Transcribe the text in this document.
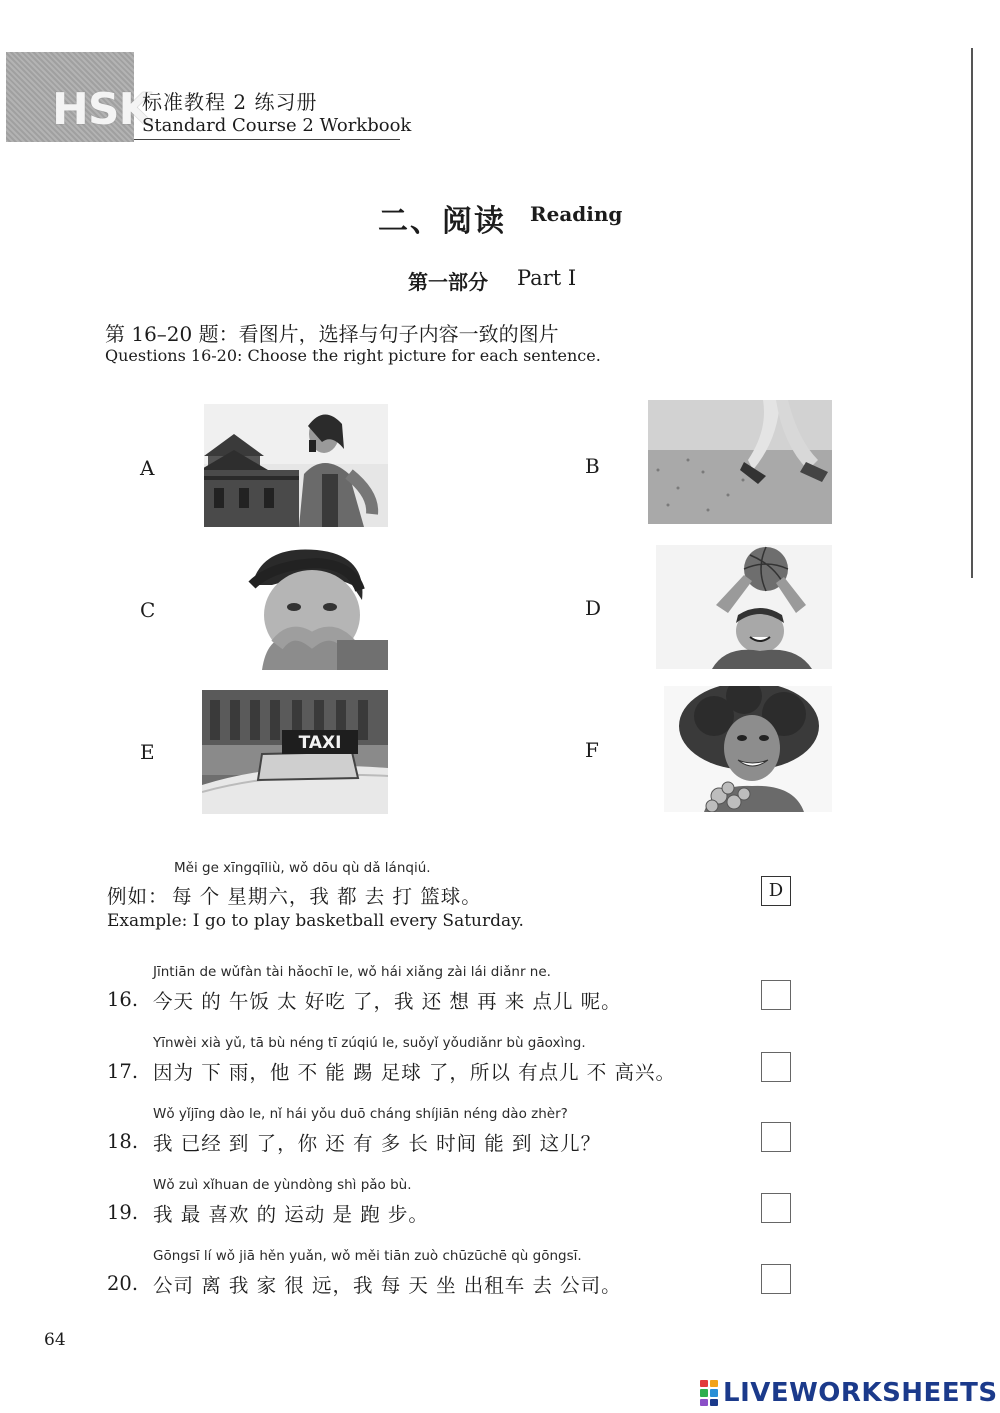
HSK
标准教程 2 练习册
Standard Course 2 Workbook
二、阅读 Reading
第一部分 Part Ⅰ
第 16–20 题：看图片，选择与句子内容一致的图片
Questions 16-20: Choose the right picture for each sentence.
A	B
C	D
E	TAXI	F
Měi ge xīngqīliù, wǒ dōu qù dǎ lánqiú.
例如： 每 个 星期六，我 都 去 打 篮球。
Example: I go to play basketball every Saturday.
D
Jīntiān de wǔfàn tài hǎochī le, wǒ hái xiǎng zài lái diǎnr ne.
16. 今天 的 午饭 太 好吃 了，我 还 想 再 来 点儿 呢。
Yīnwèi xià yǔ, tā bù néng tī zúqiú le, suǒyǐ yǒudiǎnr bù gāoxìng.
17. 因为 下 雨，他 不 能 踢 足球 了，所以 有点儿 不 高兴。
Wǒ yǐjīng dào le, nǐ hái yǒu duō cháng shíjiān néng dào zhèr?
18. 我 已经 到 了，你 还 有 多 长 时间 能 到 这儿？
Wǒ zuì xǐhuan de yùndòng shì pǎo bù.
19. 我 最 喜欢 的 运动 是 跑 步。
Gōngsī lí wǒ jiā hěn yuǎn, wǒ měi tiān zuò chūzūchē qù gōngsī.
20. 公司 离 我 家 很 远，我 每 天 坐 出租车 去 公司。
64
LIVEWORKSHEETS
